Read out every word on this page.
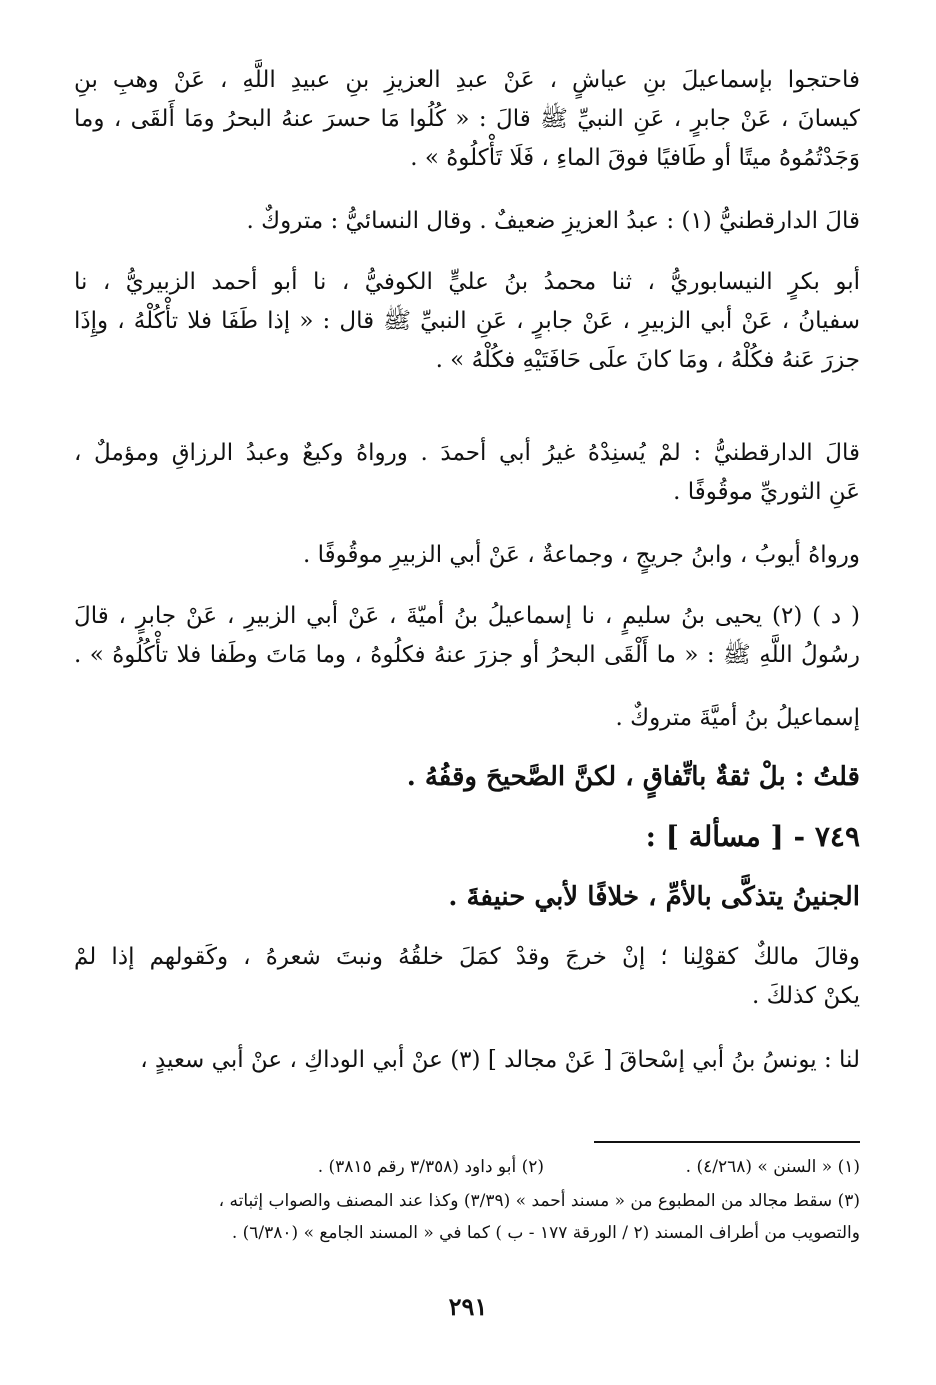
فاحتجوا بإسماعيلَ بنِ عياشٍ ، عَنْ عبدِ العزيزِ بنِ عبيدِ اللَّهِ ، عَنْ وهبِ بنِ
كيسانَ ، عَنْ جابرٍ ، عَنِ النبيِّ ﷺ قالَ : « كُلُوا مَا حسرَ عنهُ البحرُ ومَا أَلقَى ، وما
وَجَدْتُمُوهُ ميتًا أو طَافيًا فوقَ الماءِ ، فَلَا تَأْكلُوهُ » .
قالَ الدارقطنيُّ (١) : عبدُ العزيزِ ضعيفٌ . وقال النسائيُّ : متروكٌ .
أبو بكرٍ النيسابوريُّ ، ثنا محمدُ بنُ عليٍّ الكوفيُّ ، نا أبو أحمد الزبيريُّ ، نا
سفيانُ ، عَنْ أبي الزبيرِ ، عَنْ جابرٍ ، عَنِ النبيِّ ﷺ قال : « إذا طَفَا فلا تأْكُلْهُ ، وإِذَا
جزرَ عَنهُ فكُلْهُ ، ومَا كانَ علَى حَافَتَيْهِ فكُلْهُ » .
قالَ الدارقطنيُّ : لمْ يُسنِدْهُ غيرُ أبي أحمدَ . ورواهُ وكيعٌ وعبدُ الرزاقِ ومؤملٌ ،
عَنِ الثوريِّ موقُوفًا .
ورواهُ أيوبُ ، وابنُ جريجٍ ، وجماعةٌ ، عَنْ أبي الزبيرِ موقُوفًا .
( د ) (٢) يحيى بنُ سليمٍ ، نا إسماعيلُ بنُ أميّةَ ، عَنْ أبي الزبيرِ ، عَنْ جابرٍ ، قالَ
رسُولُ اللَّهِ ﷺ : « ما أَلْقَى البحرُ أو جزرَ عنهُ فكلُوهُ ، وما مَاتَ وطَفا فلا تأْكُلُوهُ » .
إسماعيلُ بنُ أميَّةَ متروكٌ .
قلتُ : بلْ ثقةٌ باتِّفاقٍ ، لكنَّ الصَّحيحَ وقفُهُ .
٧٤٩ - [ مسألة ] :
الجنينُ يتذكَّى بالأمِّ ، خلافًا لأبي حنيفةَ .
وقالَ مالكٌ كقوْلِنا ؛ إنْ خرجَ وقدْ كمَلَ خلقُهُ ونبتَ شعرهُ ، وكَقولهم إذا لمْ
يكنْ كذلكَ .
لنا : يونسُ بنُ أبي إسْحاقَ [ عَنْ مجالد ] (٣) عنْ أبي الوداكِ ، عنْ أبي سعيدٍ ،
(١) « السنن » (٤/٢٦٨) .
(٢) أبو داود (٣/٣٥٨ رقم ٣٨١٥) .
(٣) سقط مجالد من المطبوع من « مسند أحمد » (٣/٣٩) وكذا عند المصنف والصواب إثباته ،
والتصويب من أطراف المسند (٢ / الورقة ١٧٧ - ب ) كما في « المسند الجامع » (٦/٣٨٠) .
٢٩١
